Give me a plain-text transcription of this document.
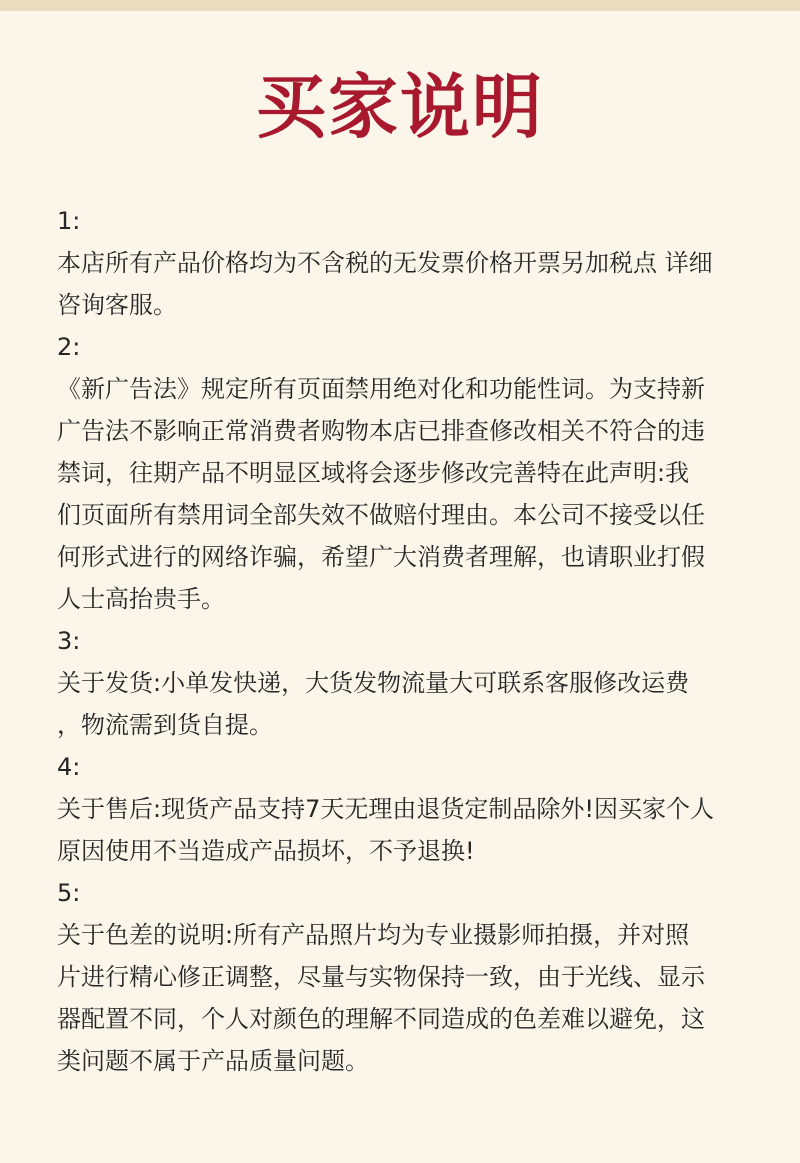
买家说明
1:
本店所有产品价格均为不含税的无发票价格开票另加税点 详细
咨询客服。
2:
《新广告法》规定所有页面禁用绝对化和功能性词。为支持新
广告法不影响正常消费者购物本店已排查修改相关不符合的违
禁词，往期产品不明显区域将会逐步修改完善特在此声明:我
们页面所有禁用词全部失效不做赔付理由。本公司不接受以任
何形式进行的网络诈骗，希望广大消费者理解，也请职业打假
人士高抬贵手。
3:
关于发货:小单发快递，大货发物流量大可联系客服修改运费
，物流需到货自提。
4:
关于售后:现货产品支持7天无理由退货定制品除外!因买家个人
原因使用不当造成产品损坏，不予退换!
5:
关于色差的说明:所有产品照片均为专业摄影师拍摄，并对照
片进行精心修正调整，尽量与实物保持一致，由于光线、显示
器配置不同，个人对颜色的理解不同造成的色差难以避免，这
类问题不属于产品质量问题。
